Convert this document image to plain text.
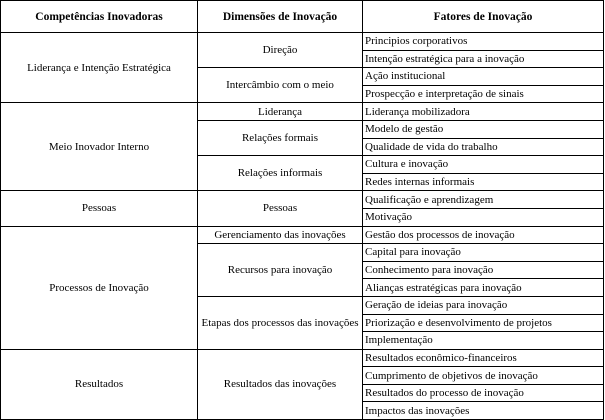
Competências Inovadoras	Dimensões de Inovação	Fatores de Inovação
Liderança e Intenção Estratégica	Direção	Principios corporativos
		Intenção estratégica para a inovação
	Intercâmbio com o meio	Ação institucional
		Prospecção e interpretação de sinais
Meio Inovador Interno	Liderança	Liderança mobilizadora
	Relações formais	Modelo de gestão
		Qualidade de vida do trabalho
	Relações informais	Cultura e inovação
		Redes internas informais
Pessoas	Pessoas	Qualificação e aprendizagem
		Motivação
Processos de Inovação	Gerenciamento das inovações	Gestão dos processos de inovação
	Recursos para inovação	Capital para inovação
		Conhecimento para inovação
		Alianças estratégicas para inovação
	Etapas dos processos das inovações	Geração de ideias para inovação
		Priorização e desenvolvimento de projetos
		Implementação
Resultados	Resultados das inovações	Resultados econômico-financeiros
		Cumprimento de objetivos de inovação
		Resultados do processo de inovação
		Impactos das inovações
